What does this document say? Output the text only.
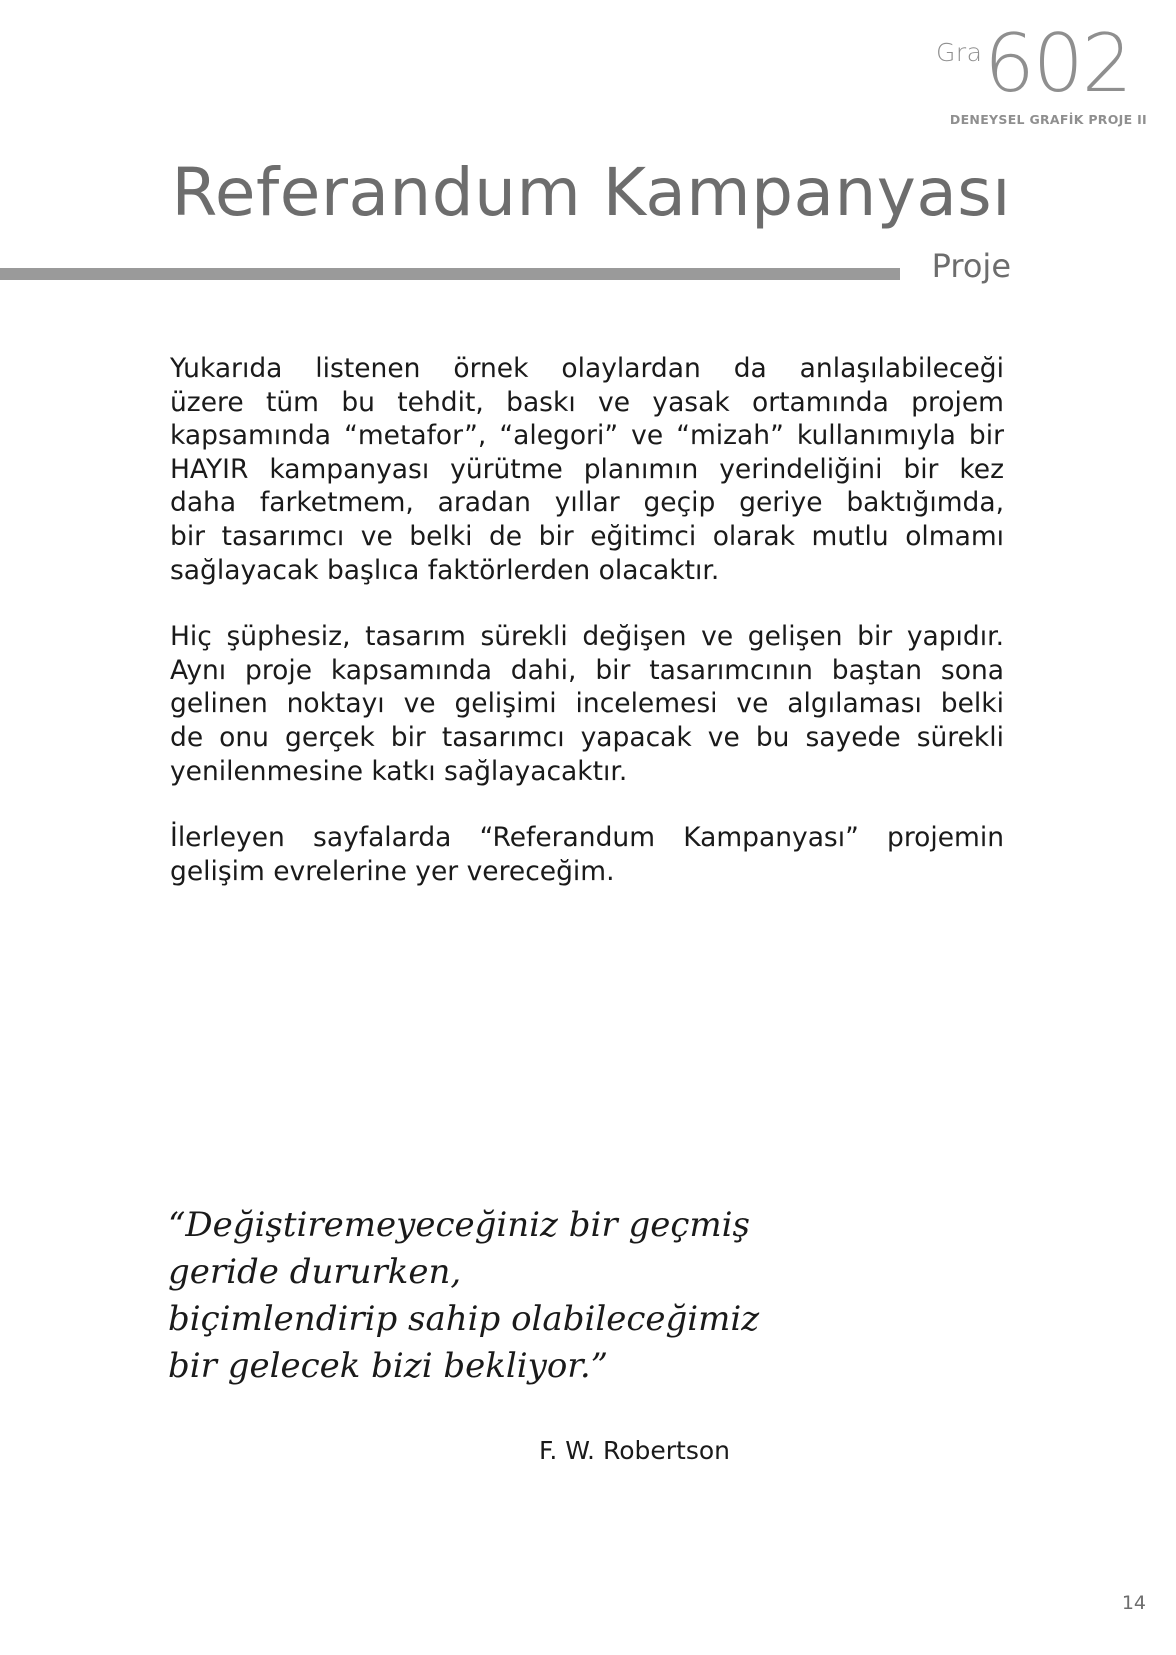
Gra 602
DENEYSEL GRAFİK PROJE II
Referandum Kampanyası
Proje
Yukarıda listenen örnek olaylardan da anlaşılabileceği
üzere tüm bu tehdit, baskı ve yasak ortamında projem
kapsamında “metafor”, “alegori” ve “mizah” kullanımıyla bir
HAYIR kampanyası yürütme planımın yerindeliğini bir kez
daha farketmem, aradan yıllar geçip geriye baktığımda,
bir tasarımcı ve belki de bir eğitimci olarak mutlu olmamı
sağlayacak başlıca faktörlerden olacaktır.
Hiç şüphesiz, tasarım sürekli değişen ve gelişen bir yapıdır.
Aynı proje kapsamında dahi, bir tasarımcının baştan sona
gelinen noktayı ve gelişimi incelemesi ve algılaması belki
de onu gerçek bir tasarımcı yapacak ve bu sayede sürekli
yenilenmesine katkı sağlayacaktır.
İlerleyen sayfalarda “Referandum Kampanyası” projemin
gelişim evrelerine yer vereceğim.
“Değiştiremeyeceğiniz bir geçmiş
geride dururken,
biçimlendirip sahip olabileceğimiz
bir gelecek bizi bekliyor.”
F. W. Robertson
14
